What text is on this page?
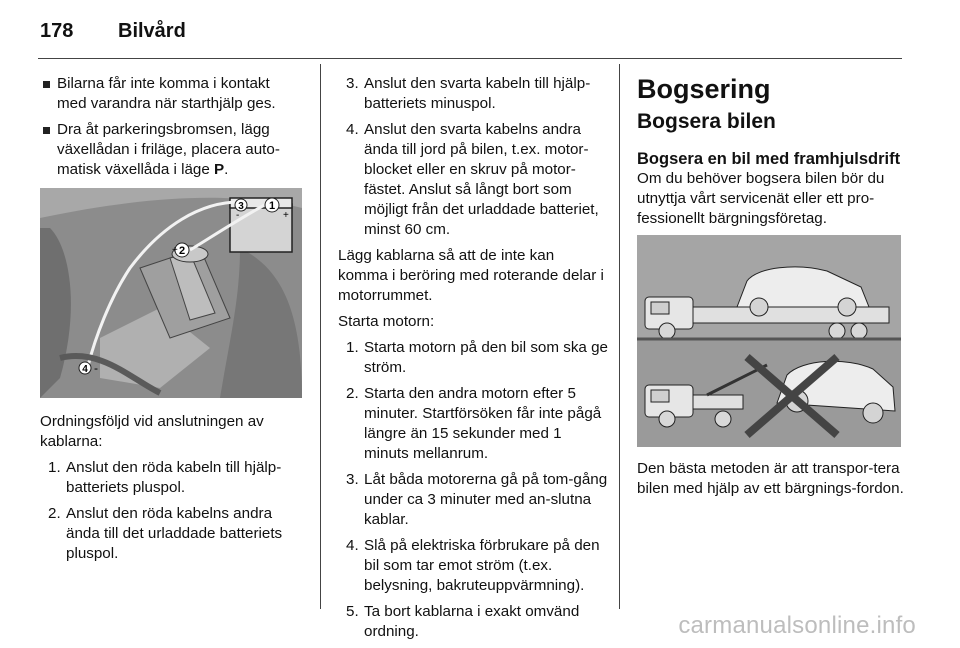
178 Bilvård
Bilarna får inte komma i kontakt med varandra när starthjälp ges.
Dra åt parkeringsbromsen, lägg växellådan i friläge, placera auto-matisk växellåda i läge P.
1
2
3
4
+
+
-
-

Ordningsföljd vid anslutningen av kablarna:

1. Anslut den röda kabeln till hjälp-batteriets pluspol.
2. Anslut den röda kabelns andra ända till det urladdade batteriets pluspol.
3. Anslut den svarta kabeln till hjälp-batteriets minuspol.
4. Anslut den svarta kabelns andra ända till jord på bilen, t.ex. motor-blocket eller en skruv på motor-fästet. Anslut så långt bort som möjligt från det urladdade batteriet, minst 60 cm.

Lägg kablarna så att de inte kan komma i beröring med roterande delar i motorrummet.

Starta motorn:

1. Starta motorn på den bil som ska ge ström.
2. Starta den andra motorn efter 5 minuter. Startförsöken får inte pågå längre än 15 sekunder med 1 minuts mellanrum.
3. Låt båda motorerna gå på tom-gång under ca 3 minuter med an-slutna kablar.
4. Slå på elektriska förbrukare på den bil som tar emot ström (t.ex. belysning, bakruteuppvärmning).
5. Ta bort kablarna i exakt omvänd ordning.
Bogsering
Bogsera bilen
Bogsera en bil med framhjulsdrift

Om du behöver bogsera bilen bör du utnyttja vårt servicenät eller ett pro-fessionellt bärgningsföretag.

Den bästa metoden är att transpor-tera bilen med hjälp av ett bärgnings-fordon.

carmanualsonline.info
